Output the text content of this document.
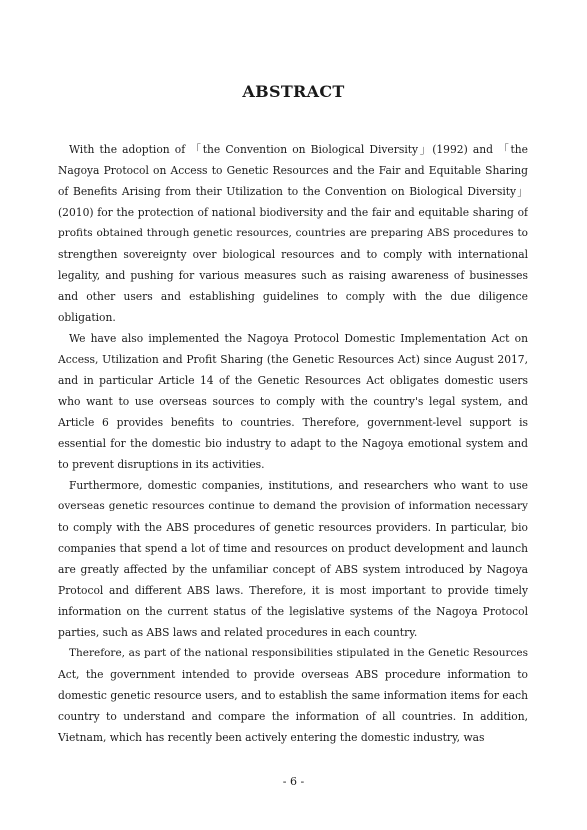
ABSTRACT
With the adoption of 「the Convention on Biological Diversity」(1992) and 「the
Nagoya Protocol on Access to Genetic Resources and the Fair and Equitable Sharing
of Benefits Arising from their Utilization to the Convention on Biological Diversity」
(2010) for the protection of national biodiversity and the fair and equitable sharing of
profits obtained through genetic resources, countries are preparing ABS procedures to
strengthen sovereignty over biological resources and to comply with international
legality, and pushing for various measures such as raising awareness of businesses
and other users and establishing guidelines to comply with the due diligence
obligation.
We have also implemented the Nagoya Protocol Domestic Implementation Act on
Access, Utilization and Profit Sharing (the Genetic Resources Act) since August 2017,
and in particular Article 14 of the Genetic Resources Act obligates domestic users
who want to use overseas sources to comply with the country's legal system, and
Article 6 provides benefits to countries. Therefore, government-level support is
essential for the domestic bio industry to adapt to the Nagoya emotional system and
to prevent disruptions in its activities.
Furthermore, domestic companies, institutions, and researchers who want to use
overseas genetic resources continue to demand the provision of information necessary
to comply with the ABS procedures of genetic resources providers. In particular, bio
companies that spend a lot of time and resources on product development and launch
are greatly affected by the unfamiliar concept of ABS system introduced by Nagoya
Protocol and different ABS laws. Therefore, it is most important to provide timely
information on the current status of the legislative systems of the Nagoya Protocol
parties, such as ABS laws and related procedures in each country.
Therefore, as part of the national responsibilities stipulated in the Genetic Resources
Act, the government intended to provide overseas ABS procedure information to
domestic genetic resource users, and to establish the same information items for each
country to understand and compare the information of all countries. In addition,
Vietnam, which has recently been actively entering the domestic industry, was
- 6 -
